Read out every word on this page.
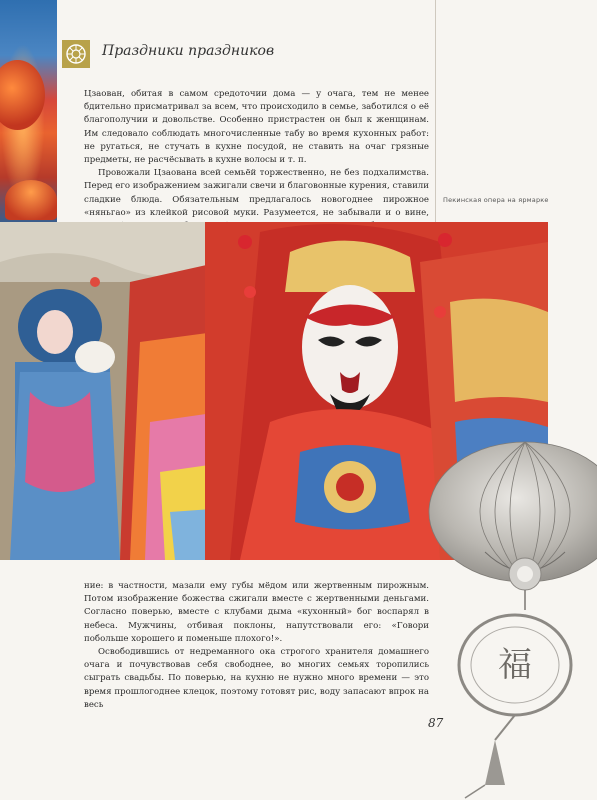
Праздники праздников

Цзаован, обитая в самом средоточии дома — у очага, тем не менее бдительно присматривал за всем, что происходило в семье, заботился о её благополучии и довольстве. Особенно пристрастен он был к женщинам. Им следовало соблюдать многочисленные табу во время кухонных работ: не ругаться, не стучать в кухне посудой, не ставить на очаг грязные предметы, не расчёсывать в кухне волосы и т. п.

Провожали Цзаована всей семьёй торжественно, не без подхалимства. Перед его изображением зажигали свечи и благовонные курения, ставили сладкие блюда. Обязательным предлагалось новогоднее пирожное «няньгао» из клейкой рисовой муки. Разумеется, не забывали и о вине,

Пекинская опера на ярмарке

ние: в частности, мазали ему губы мёдом или жертвенным пирожным. Потом изображение божества сжигали вместе с жертвенными деньгами. Согласно поверью, вместе с клубами дыма «кухонный» бог воспарял в небеса. Мужчины, отбивая поклоны, напутствовали его: «Говори побольше хорошего и поменьше плохого!».

Освободившись от недреманного ока строгого хранителя домашнего очага и почувствовав себя свободнее, во многих семьях торопились сыграть свадьбы. По поверью, на кухню не нужно много времени — это время прошлогоднее клецок, поэтому готовят рис, воду запасают впрок на весь

福
87
